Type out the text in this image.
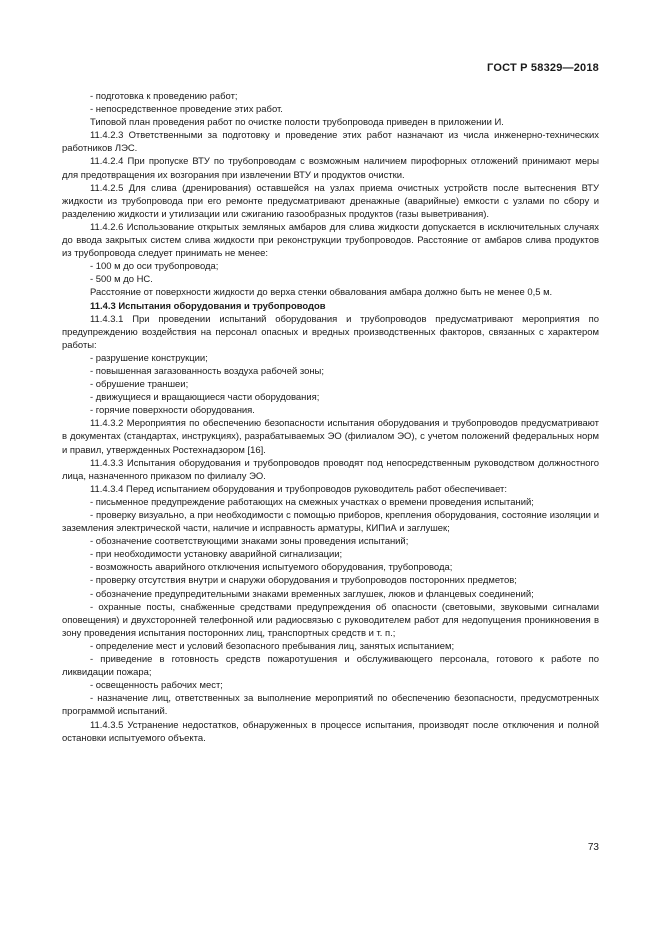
ГОСТ Р 58329—2018

- подготовка к проведению работ;

- непосредственное проведение этих работ.

Типовой план проведения работ по очистке полости трубопровода приведен в приложении И.

11.4.2.3 Ответственными за подготовку и проведение этих работ назначают из числа инженерно-технических работников ЛЭС.

11.4.2.4 При пропуске ВТУ по трубопроводам с возможным наличием пирофорных отложений принимают меры для предотвращения их возгорания при извлечении ВТУ и продуктов очистки.

11.4.2.5 Для слива (дренирования) оставшейся на узлах приема очистных устройств после вытеснения ВТУ жидкости из трубопровода при его ремонте предусматривают дренажные (аварийные) емкости с узлами по сбору и разделению жидкости и утилизации или сжиганию газообразных продуктов (газы выветривания).

11.4.2.6 Использование открытых земляных амбаров для слива жидкости допускается в исключительных случаях до ввода закрытых систем слива жидкости при реконструкции трубопроводов. Расстояние от амбаров слива продуктов из трубопровода следует принимать не менее:

- 100 м до оси трубопровода;

- 500 м до НС.

Расстояние от поверхности жидкости до верха стенки обвалования амбара должно быть не менее 0,5 м.

11.4.3 Испытания оборудования и трубопроводов

11.4.3.1 При проведении испытаний оборудования и трубопроводов предусматривают мероприятия по предупреждению воздействия на персонал опасных и вредных производственных факторов, связанных с характером работы:

- разрушение конструкции;

- повышенная загазованность воздуха рабочей зоны;

- обрушение траншеи;

- движущиеся и вращающиеся части оборудования;

- горячие поверхности оборудования.

11.4.3.2 Мероприятия по обеспечению безопасности испытания оборудования и трубопроводов предусматривают в документах (стандартах, инструкциях), разрабатываемых ЭО (филиалом ЭО), с учетом положений федеральных норм и правил, утвержденных Ростехнадзором [16].

11.4.3.3 Испытания оборудования и трубопроводов проводят под непосредственным руководством должностного лица, назначенного приказом по филиалу ЭО.

11.4.3.4 Перед испытанием оборудования и трубопроводов руководитель работ обеспечивает:

- письменное предупреждение работающих на смежных участках о времени проведения испытаний;

- проверку визуально, а при необходимости с помощью приборов, крепления оборудования, состояние изоляции и заземления электрической части, наличие и исправность арматуры, КИПиА и заглушек;

- обозначение соответствующими знаками зоны проведения испытаний;

- при необходимости установку аварийной сигнализации;

- возможность аварийного отключения испытуемого оборудования, трубопровода;

- проверку отсутствия внутри и снаружи оборудования и трубопроводов посторонних предметов;

- обозначение предупредительными знаками временных заглушек, люков и фланцевых соединений;

- охранные посты, снабженные средствами предупреждения об опасности (световыми, звуковыми сигналами оповещения) и двухсторонней телефонной или радиосвязью с руководителем работ для недопущения проникновения в зону проведения испытания посторонних лиц, транспортных средств и т. п.;

- определение мест и условий безопасного пребывания лиц, занятых испытанием;

- приведение в готовность средств пожаротушения и обслуживающего персонала, готового к работе по ликвидации пожара;

- освещенность рабочих мест;

- назначение лиц, ответственных за выполнение мероприятий по обеспечению безопасности, предусмотренных программой испытаний.

11.4.3.5 Устранение недостатков, обнаруженных в процессе испытания, производят после отключения и полной остановки испытуемого объекта.

73
